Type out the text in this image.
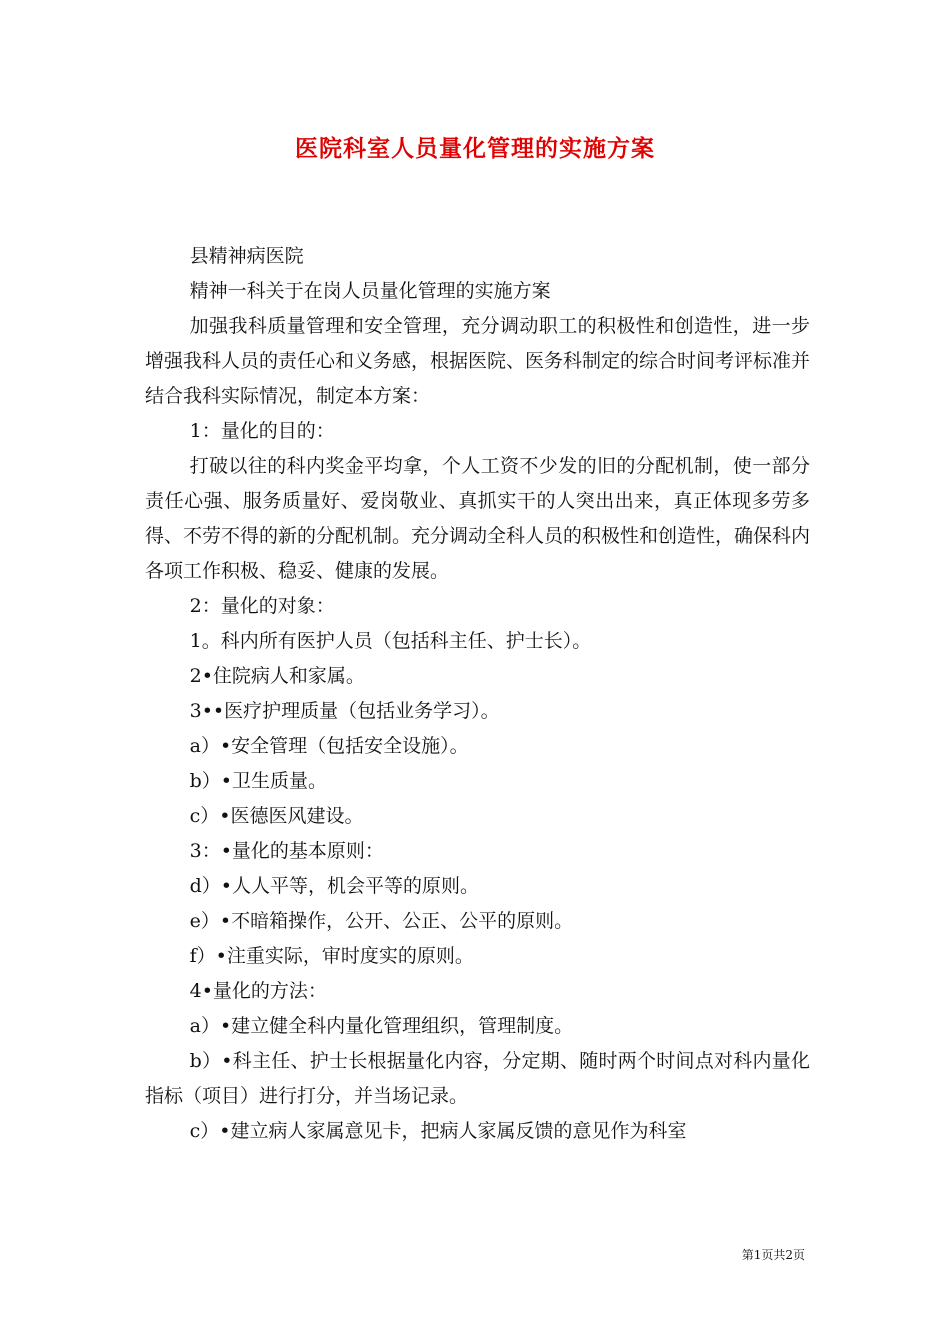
医院科室人员量化管理的实施方案

县精神病医院

精神一科关于在岗人员量化管理的实施方案

加强我科质量管理和安全管理，充分调动职工的积极性和创造性，进一步增强我科人员的责任心和义务感，根据医院、医务科制定的综合时间考评标准并结合我科实际情况，制定本方案：

1：量化的目的：

打破以往的科内奖金平均拿，个人工资不少发的旧的分配机制，使一部分责任心强、服务质量好、爱岗敬业、真抓实干的人突出出来，真正体现多劳多得、不劳不得的新的分配机制。充分调动全科人员的积极性和创造性，确保科内各项工作积极、稳妥、健康的发展。

2：量化的对象：

1。科内所有医护人员（包括科主任、护士长）。

2•住院病人和家属。

3••医疗护理质量（包括业务学习）。

a）•安全管理（包括安全设施）。

b）•卫生质量。

c）•医德医风建设。

3：•量化的基本原则：

d）•人人平等，机会平等的原则。

e）•不暗箱操作，公开、公正、公平的原则。

f）•注重实际，审时度实的原则。

4•量化的方法：

a）•建立健全科内量化管理组织，管理制度。

b）•科主任、护士长根据量化内容，分定期、随时两个时间点对科内量化指标（项目）进行打分，并当场记录。

c）•建立病人家属意见卡，把病人家属反馈的意见作为科室

第1页共2页
